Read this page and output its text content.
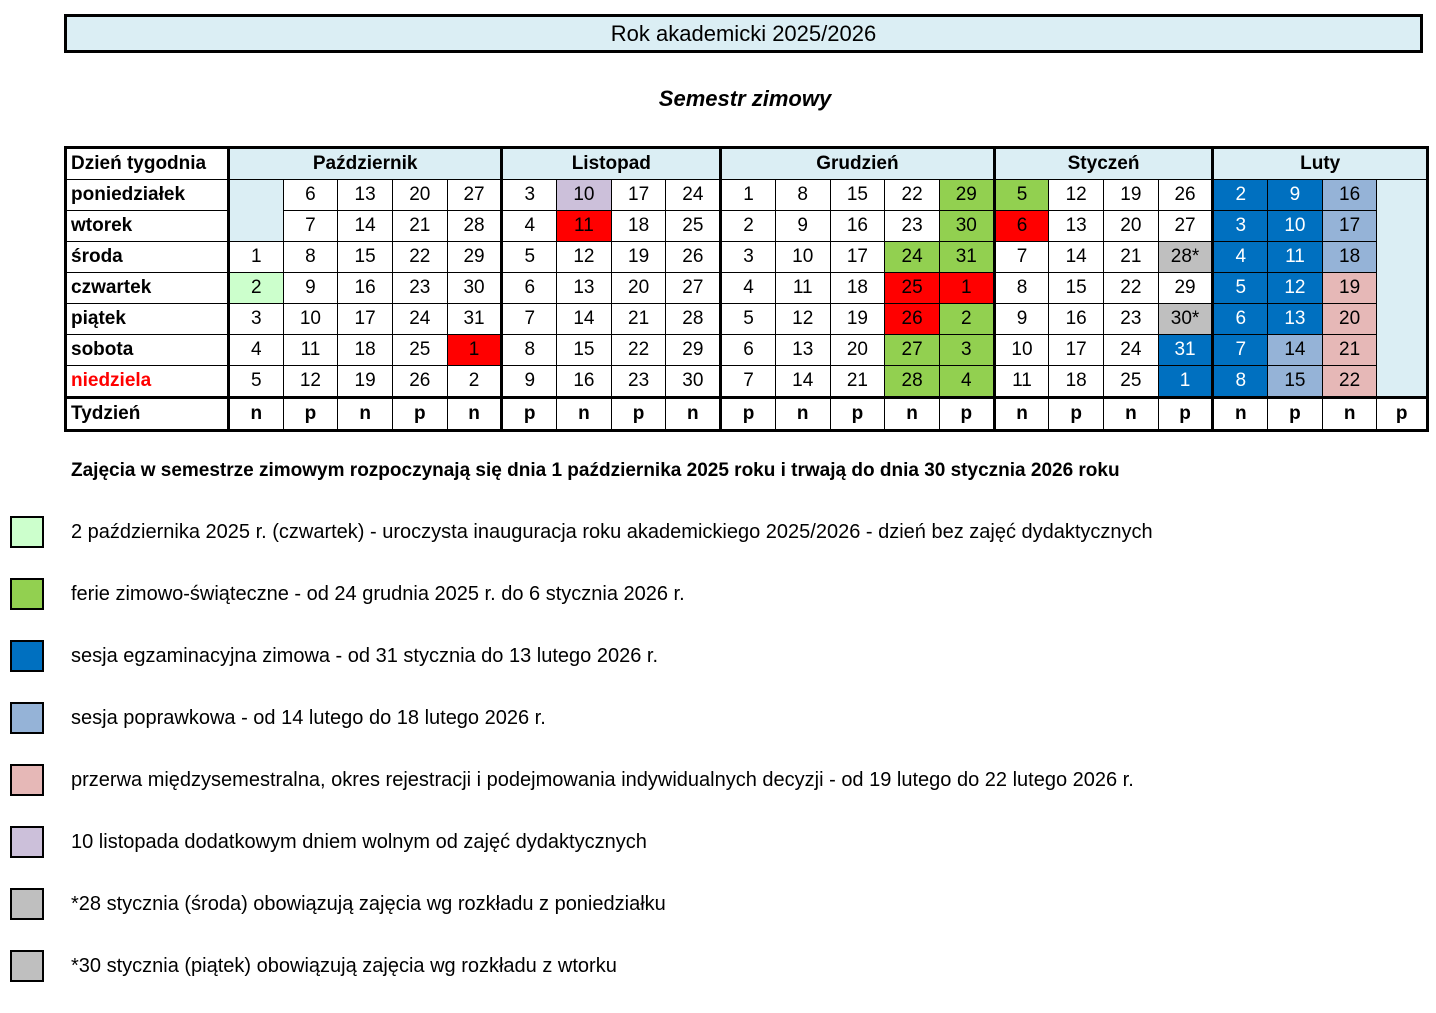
Rok akademicki 2025/2026
Semestr zimowy
Dzień tygodnia	Październik					Listopad				Grudzień					Styczeń				Luty			
poniedziałek		6	13	20	27	3	10	17	24	1	8	15	22	29	5	12	19	26	2	9	16	
wtorek		7	14	21	28	4	11	18	25	2	9	16	23	30	6	13	20	27	3	10	17	
środa	1	8	15	22	29	5	12	19	26	3	10	17	24	31	7	14	21	28*	4	11	18	
czwartek	2	9	16	23	30	6	13	20	27	4	11	18	25	1	8	15	22	29	5	12	19	
piątek	3	10	17	24	31	7	14	21	28	5	12	19	26	2	9	16	23	30*	6	13	20	
sobota	4	11	18	25	1	8	15	22	29	6	13	20	27	3	10	17	24	31	7	14	21	
niedziela	5	12	19	26	2	9	16	23	30	7	14	21	28	4	11	18	25	1	8	15	22	
Tydzień	n	p	n	p	n	p	n	p	n	p	n	p	n	p	n	p	n	p	n	p	n	p
Zajęcia w semestrze zimowym rozpoczynają się dnia 1 października 2025 roku i trwają do dnia 30 stycznia 2026 roku
2 października 2025 r. (czwartek) - uroczysta inauguracja roku akademickiego 2025/2026 - dzień bez zajęć dydaktycznych
ferie zimowo-świąteczne - od 24 grudnia 2025 r. do 6 stycznia 2026 r.
sesja egzaminacyjna zimowa - od 31 stycznia do 13 lutego 2026 r.
sesja poprawkowa - od 14 lutego do 18 lutego 2026 r.
przerwa międzysemestralna, okres rejestracji i podejmowania indywidualnych decyzji - od 19 lutego do 22 lutego 2026 r.
10 listopada dodatkowym dniem wolnym od zajęć dydaktycznych
*28 stycznia (środa) obowiązują zajęcia wg rozkładu z poniedziałku
*30 stycznia (piątek) obowiązują zajęcia wg rozkładu z wtorku
